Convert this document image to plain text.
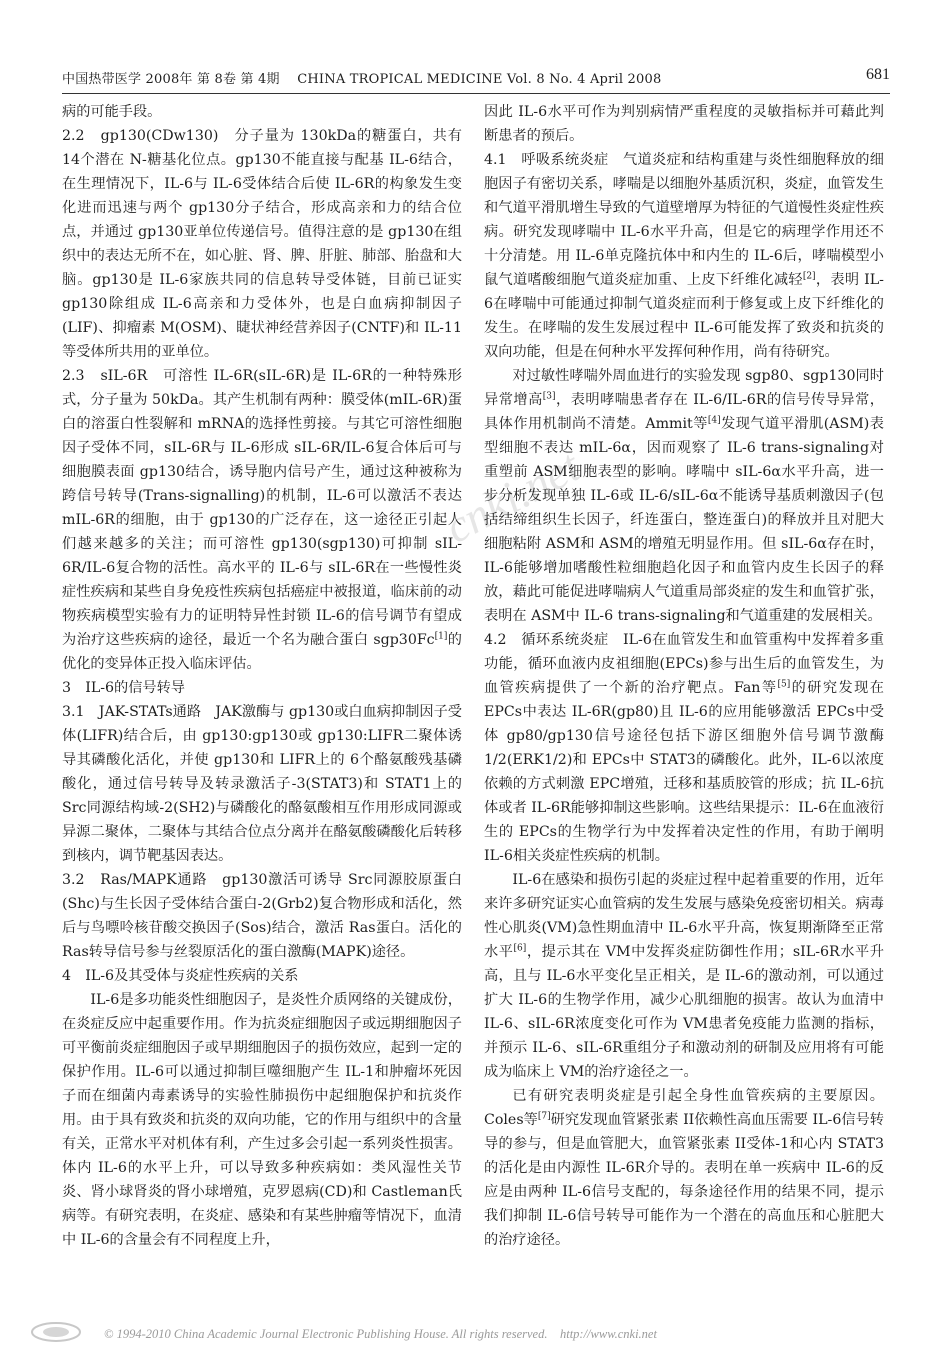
中国热带医学 2008年 第 8卷 第 4期　 CHINA TROPICAL MEDICINE Vol. 8 No. 4 April 2008	681
cnki.net

病的可能手段。

2.2　gp130(CDw130)　分子量为 130kDa的糖蛋白，共有 14个潜在 N-糖基化位点。gp130不能直接与配基 IL-6结合，在生理情况下，IL-6与 IL-6受体结合后使 IL-6R的构象发生变化进而迅速与两个 gp130分子结合，形成高亲和力的结合位点，并通过 gp130亚单位传递信号。值得注意的是 gp130在组织中的表达无所不在，如心脏、肾、脾、肝脏、肺部、胎盘和大脑。gp130是 IL-6家族共同的信息转导受体链，目前已证实 gp130除组成 IL-6高亲和力受体外，也是白血病抑制因子(LIF)、抑瘤素 M(OSM)、睫状神经营养因子(CNTF)和 IL-11等受体所共用的亚单位。

2.3　sIL-6R　可溶性 IL-6R(sIL-6R)是 IL-6R的一种特殊形式，分子量为 50kDa。其产生机制有两种：膜受体(mIL-6R)蛋白的溶蛋白性裂解和 mRNA的选择性剪接。与其它可溶性细胞因子受体不同，sIL-6R与 IL-6形成 sIL-6R/IL-6复合体后可与细胞膜表面 gp130结合，诱导胞内信号产生，通过这种被称为跨信号转导(Trans-signalling)的机制，IL-6可以激活不表达 mIL-6R的细胞，由于 gp130的广泛存在，这一途径正引起人们越来越多的关注；而可溶性 gp130(sgp130)可抑制 sIL-6R/IL-6复合物的活性。高水平的 IL-6与 sIL-6R在一些慢性炎症性疾病和某些自身免疫性疾病包括癌症中被报道，临床前的动物疾病模型实验有力的证明特异性封锁 IL-6的信号调节有望成为治疗这些疾病的途径，最近一个名为融合蛋白 sgp30Fc[1]的优化的变异体正投入临床评估。

3　IL-6的信号转导

3.1　JAK-STATs通路　JAK激酶与 gp130或白血病抑制因子受体(LIFR)结合后，由 gp130:gp130或 gp130:LIFR二聚体诱导其磷酸化活化，并使 gp130和 LIFR上的 6个酪氨酸残基磷酸化，通过信号转导及转录激活子-3(STAT3)和 STAT1上的 Src同源结构域-2(SH2)与磷酸化的酪氨酸相互作用形成同源或异源二聚体，二聚体与其结合位点分离并在酪氨酸磷酸化后转移到核内，调节靶基因表达。

3.2　Ras/MAPK通路　gp130激活可诱导 Src同源胶原蛋白(Shc)与生长因子受体结合蛋白-2(Grb2)复合物形成和活化，然后与鸟嘌呤核苷酸交换因子(Sos)结合，激活 Ras蛋白。活化的 Ras转导信号参与丝裂原活化的蛋白激酶(MAPK)途径。

4　IL-6及其受体与炎症性疾病的关系

IL-6是多功能炎性细胞因子，是炎性介质网络的关键成份，在炎症反应中起重要作用。作为抗炎症细胞因子或远期细胞因子可平衡前炎症细胞因子或早期细胞因子的损伤效应，起到一定的保护作用。IL-6可以通过抑制巨噬细胞产生 IL-1和肿瘤坏死因子而在细菌内毒素诱导的实验性肺损伤中起细胞保护和抗炎作用。由于具有致炎和抗炎的双向功能，它的作用与组织中的含量有关，正常水平对机体有利，产生过多会引起一系列炎性损害。体内 IL-6的水平上升，可以导致多种疾病如：类风湿性关节炎、肾小球肾炎的肾小球增殖，克罗恩病(CD)和 Castleman氏病等。有研究表明，在炎症、感染和有某些肿瘤等情况下，血清中 IL-6的含量会有不同程度上升，

因此 IL-6水平可作为判别病情严重程度的灵敏指标并可藉此判断患者的预后。

4.1　呼吸系统炎症　气道炎症和结构重建与炎性细胞释放的细胞因子有密切关系，哮喘是以细胞外基质沉积，炎症，血管发生和气道平滑肌增生导致的气道壁增厚为特征的气道慢性炎症性疾病。研究发现哮喘中 IL-6水平升高，但是它的病理学作用还不十分清楚。用 IL-6单克隆抗体中和内生的 IL-6后，哮喘模型小鼠气道嗜酸细胞气道炎症加重、上皮下纤维化减轻[2]，表明 IL-6在哮喘中可能通过抑制气道炎症而利于修复或上皮下纤维化的发生。在哮喘的发生发展过程中 IL-6可能发挥了致炎和抗炎的双向功能，但是在何种水平发挥何种作用，尚有待研究。

对过敏性哮喘外周血进行的实验发现 sgp80、sgp130同时异常增高[3]，表明哮喘患者存在 IL-6/IL-6R的信号传导异常，具体作用机制尚不清楚。Ammit等[4]发现气道平滑肌(ASM)表型细胞不表达 mIL-6α，因而观察了 IL-6 trans-signaling对重塑前 ASM细胞表型的影响。哮喘中 sIL-6α水平升高，进一步分析发现单独 IL-6或 IL-6/sIL-6α不能诱导基质刺激因子(包括结缔组织生长因子，纤连蛋白，整连蛋白)的释放并且对肥大细胞粘附 ASM和 ASM的增殖无明显作用。但 sIL-6α存在时，IL-6能够增加嗜酸性粒细胞趋化因子和血管内皮生长因子的释放，藉此可能促进哮喘病人气道重局部炎症的发生和血管扩张，表明在 ASM中 IL-6 trans-signaling和气道重建的发展相关。

4.2　循环系统炎症　IL-6在血管发生和血管重构中发挥着多重功能，循环血液内皮祖细胞(EPCs)参与出生后的血管发生，为血管疾病提供了一个新的治疗靶点。Fan等[5]的研究发现在 EPCs中表达 IL-6R(gp80)且 IL-6的应用能够激活 EPCs中受体 gp80/gp130信号途径包括下游区细胞外信号调节激酶 1/2(ERK1/2)和 EPCs中 STAT3的磷酸化。此外，IL-6以浓度依赖的方式刺激 EPC增殖，迁移和基质胶管的形成；抗 IL-6抗体或者 IL-6R能够抑制这些影响。这些结果提示：IL-6在血液衍生的 EPCs的生物学行为中发挥着决定性的作用，有助于阐明 IL-6相关炎症性疾病的机制。

IL-6在感染和损伤引起的炎症过程中起着重要的作用，近年来许多研究证实心血管病的发生发展与感染免疫密切相关。病毒性心肌炎(VM)急性期血清中 IL-6水平升高，恢复期渐降至正常水平[6]，提示其在 VM中发挥炎症防御性作用；sIL-6R水平升高，且与 IL-6水平变化呈正相关，是 IL-6的激动剂，可以通过扩大 IL-6的生物学作用，减少心肌细胞的损害。故认为血清中 IL-6、sIL-6R浓度变化可作为 VM患者免疫能力监测的指标，并预示 IL-6、sIL-6R重组分子和激动剂的研制及应用将有可能成为临床上 VM的治疗途径之一。

已有研究表明炎症是引起全身性血管疾病的主要原因。Coles等[7]研究发现血管紧张素 II依赖性高血压需要 IL-6信号转导的参与，但是血管肥大，血管紧张素 II受体-1和心内 STAT3的活化是由内源性 IL-6R介导的。表明在单一疾病中 IL-6的反应是由两种 IL-6信号支配的，每条途径作用的结果不同，提示我们抑制 IL-6信号转导可能作为一个潜在的高血压和心脏肥大的治疗途径。

© 1994-2010 China Academic Journal Electronic Publishing House. All rights reserved.　http://www.cnki.net
